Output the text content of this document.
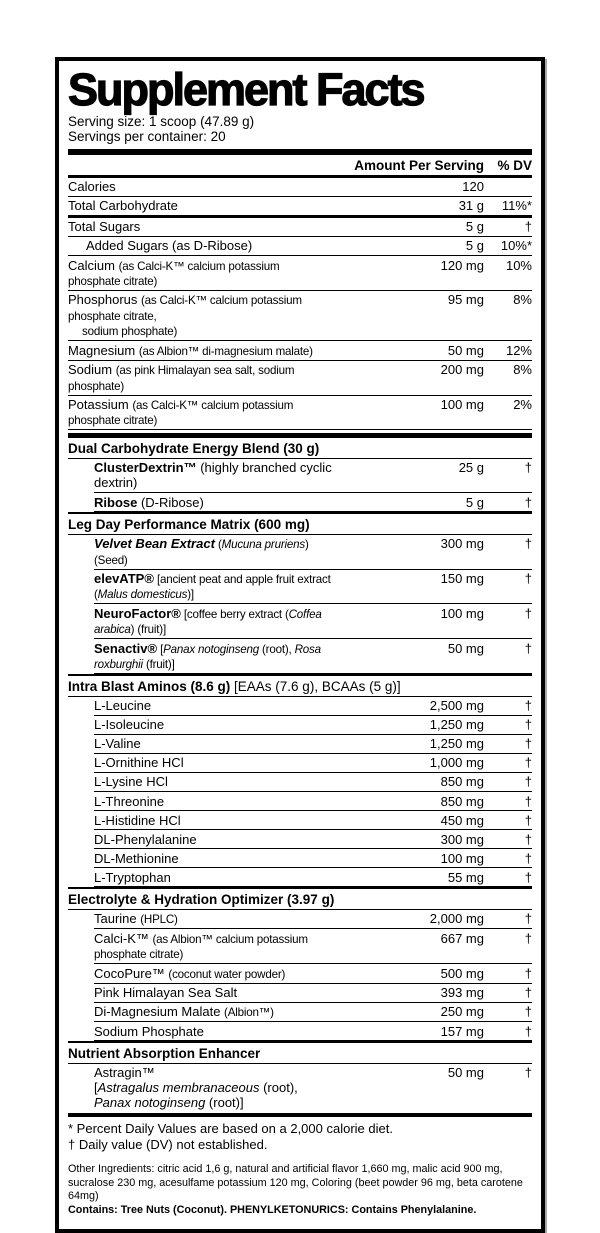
Supplement Facts
Serving size: 1 scoop (47.89 g)
Servings per container: 20
Amount Per Serving % DV
Calories	120
Total Carbohydrate	31 g	11%*
Total Sugars	5 g	†
Added Sugars (as D-Ribose)	5 g	10%*
Calcium (as Calci-K™ calcium potassium phosphate citrate)
120 mg	10%
Phosphorus (as Calci-K™ calcium potassium phosphate citrate,
sodium phosphate)
95 mg	8%
Magnesium (as Albion™ di-magnesium malate)	50 mg	12%
Sodium (as pink Himalayan sea salt, sodium phosphate)
200 mg	8%
Potassium (as Calci-K™ calcium potassium phosphate citrate)
100 mg	2%
Dual Carbohydrate Energy Blend (30 g)
ClusterDextrin™ (highly branched cyclic dextrin)
25 g	†
Ribose (D-Ribose)	5 g	†
Leg Day Performance Matrix (600 mg)
Velvet Bean Extract (Mucuna pruriens)(Seed)
300 mg	†
elevATP® [ancient peat and apple fruit extract (Malus domesticus)]
150 mg	†
NeuroFactor® [coffee berry extract (Coffea arabica) (fruit)]
100 mg	†
Senactiv® [Panax notoginseng (root), Rosa roxburghii (fruit)]
50 mg	†
Intra Blast Aminos (8.6 g) [EAAs (7.6 g), BCAAs (5 g)]
L-Leucine	2,500 mg	†
L-Isoleucine	1,250 mg	†
L-Valine	1,250 mg	†
L-Ornithine HCl	1,000 mg	†
L-Lysine HCl	850 mg	†
L-Threonine	850 mg	†
L-Histidine HCl	450 mg	†
DL-Phenylalanine	300 mg	†
DL-Methionine	100 mg	†
L-Tryptophan	55 mg	†
Electrolyte & Hydration Optimizer (3.97 g)
Taurine (HPLC)	2,000 mg	†
Calci-K™ (as Albion™ calcium potassium phosphate citrate)
667 mg	†
CocoPure™ (coconut water powder)	500 mg	†
Pink Himalayan Sea Salt	393 mg	†
Di-Magnesium Malate (Albion™)	250 mg	†
Sodium Phosphate	157 mg	†
Nutrient Absorption Enhancer
Astragin™
[Astragalus membranaceous (root), Panax notoginseng (root)]
50 mg	†
* Percent Daily Values are based on a 2,000 calorie diet.
† Daily value (DV) not established.
Other Ingredients: citric acid 1,6 g, natural and artificial flavor 1,660 mg, malic acid 900 mg, sucralose 230 mg, acesulfame potassium 120 mg, Coloring (beet powder 96 mg, beta carotene 64mg)
Contains: Tree Nuts (Coconut). PHENYLKETONURICS: Contains Phenylalanine.
